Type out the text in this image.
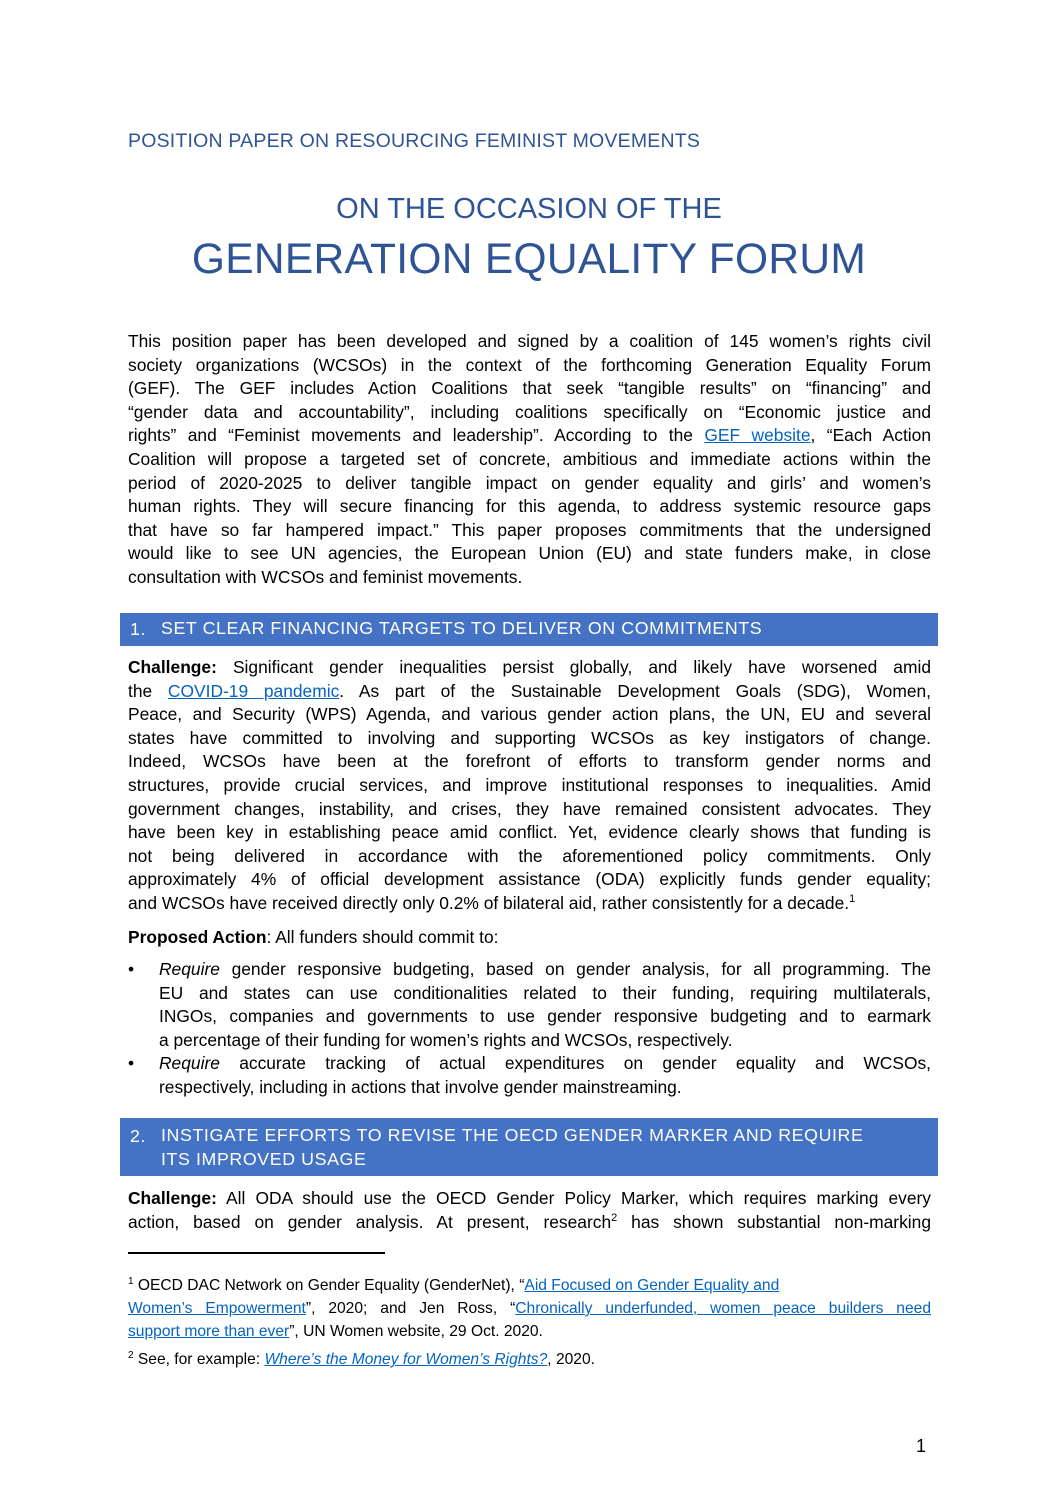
POSITION PAPER ON RESOURCING FEMINIST MOVEMENTS
ON THE OCCASION OF THE
GENERATION EQUALITY FORUM
This position paper has been developed and signed by a coalition of 145 women’s rights civil
society organizations (WCSOs) in the context of the forthcoming Generation Equality Forum
(GEF). The GEF includes Action Coalitions that seek “tangible results” on “financing” and
“gender data and accountability”, including coalitions specifically on “Economic justice and
rights” and “Feminist movements and leadership”. According to the GEF website, “Each Action
Coalition will propose a targeted set of concrete, ambitious and immediate actions within the
period of 2020-2025 to deliver tangible impact on gender equality and girls’ and women’s
human rights. They will secure financing for this agenda, to address systemic resource gaps
that have so far hampered impact.” This paper proposes commitments that the undersigned
would like to see UN agencies, the European Union (EU) and state funders make, in close
consultation with WCSOs and feminist movements.
1. SET CLEAR FINANCING TARGETS TO DELIVER ON COMMITMENTS
Challenge: Significant gender inequalities persist globally, and likely have worsened amid
the COVID-19 pandemic. As part of the Sustainable Development Goals (SDG), Women,
Peace, and Security (WPS) Agenda, and various gender action plans, the UN, EU and several
states have committed to involving and supporting WCSOs as key instigators of change.
Indeed, WCSOs have been at the forefront of efforts to transform gender norms and
structures, provide crucial services, and improve institutional responses to inequalities. Amid
government changes, instability, and crises, they have remained consistent advocates. They
have been key in establishing peace amid conflict. Yet, evidence clearly shows that funding is
not being delivered in accordance with the aforementioned policy commitments. Only
approximately 4% of official development assistance (ODA) explicitly funds gender equality;
and WCSOs have received directly only 0.2% of bilateral aid, rather consistently for a decade.$^1$
Proposed Action: All funders should commit to:
•	Require gender responsive budgeting, based on gender analysis, for all programming. The
EU and states can use conditionalities related to their funding, requiring multilaterals,
INGOs, companies and governments to use gender responsive budgeting and to earmark
a percentage of their funding for women’s rights and WCSOs, respectively.
•	Require accurate tracking of actual expenditures on gender equality and WCSOs,
respectively, including in actions that involve gender mainstreaming.
2. INSTIGATE EFFORTS TO REVISE THE OECD GENDER MARKER AND REQUIRE
ITS IMPROVED USAGE
Challenge: All ODA should use the OECD Gender Policy Marker, which requires marking every
action, based on gender analysis. At present, research$^2$ has shown substantial non-marking
$^1$ OECD DAC Network on Gender Equality (GenderNet), “Aid Focused on Gender Equality and
Women’s Empowerment”, 2020; and Jen Ross, “Chronically underfunded, women peace builders need
support more than ever”, UN Women website, 29 Oct. 2020.
$^2$ See, for example: Where’s the Money for Women’s Rights?, 2020.
1
